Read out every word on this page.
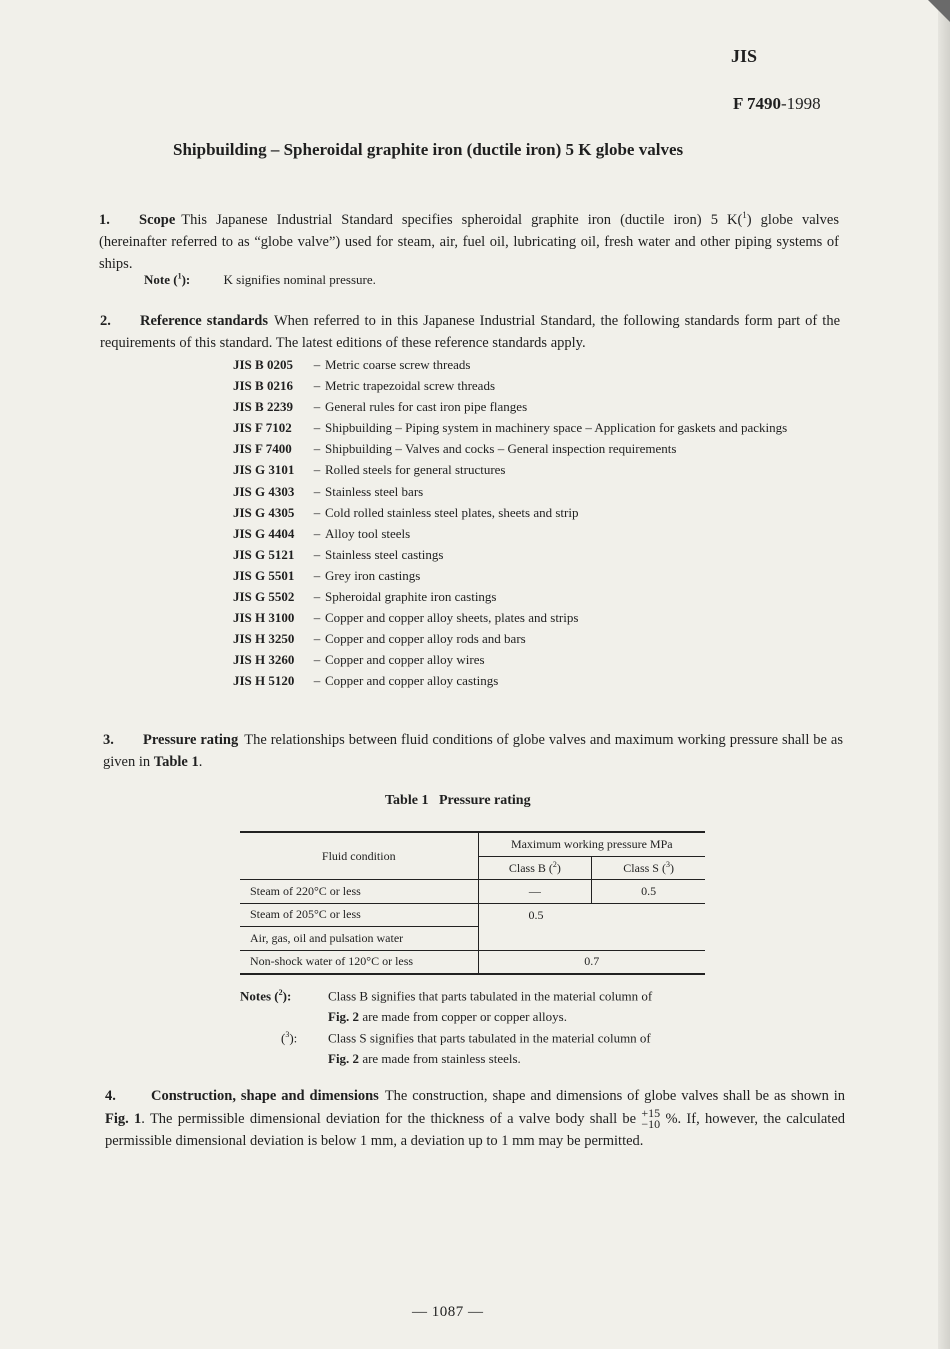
JIS
F 7490-1998
Shipbuilding – Spheroidal graphite iron (ductile iron) 5 K globe valves
1. Scope This Japanese Industrial Standard specifies spheroidal graphite iron (ductile iron) 5 K($^1$) globe valves (hereinafter referred to as “globe valve”) used for steam, air, fuel oil, lubricating oil, fresh water and other piping systems of ships.
Note ($^1$):	K signifies nominal pressure.
2. Reference standards When referred to in this Japanese Industrial Standard, the following standards form part of the requirements of this standard. The latest editions of these reference standards apply.
JIS B 0205	– Metric coarse screw threads
JIS B 0216	– Metric trapezoidal screw threads
JIS B 2239	– General rules for cast iron pipe flanges
JIS F 7102	– Shipbuilding – Piping system in machinery space – Application for gaskets and packings
JIS F 7400	– Shipbuilding – Valves and cocks – General inspection requirements
JIS G 3101	– Rolled steels for general structures
JIS G 4303	– Stainless steel bars
JIS G 4305	– Cold rolled stainless steel plates, sheets and strip
JIS G 4404	– Alloy tool steels
JIS G 5121	– Stainless steel castings
JIS G 5501	– Grey iron castings
JIS G 5502	– Spheroidal graphite iron castings
JIS H 3100	– Copper and copper alloy sheets, plates and strips
JIS H 3250	– Copper and copper alloy rods and bars
JIS H 3260	– Copper and copper alloy wires
JIS H 5120	– Copper and copper alloy castings
3. Pressure rating The relationships between fluid conditions of globe valves and maximum working pressure shall be as given in Table 1.
Table 1   Pressure rating
Fluid condition	Maximum working pressure MPa	
	Class B ($^2$)	Class S ($^3$)
Steam of 220°C or less	—	0.5
Steam of 205°C or less	0.5	

Air, gas, oil and pulsation water		
Non-shock water of 120°C or less	0.7	
Notes ($^2$):	Class B signifies that parts tabulated in the material column of
Fig. 2 are made from copper or copper alloys.
($^3$): Class S signifies that parts tabulated in the material column of
Fig. 2 are made from stainless steels.
4. Construction, shape and dimensions The construction, shape and dimensions of globe valves shall be as shown in Fig. 1. The permissible dimensional deviation for the thickness of a valve body shall be +15
−10 %. If, however, the calculated permissible dimensional deviation is below 1 mm, a deviation up to 1 mm may be permitted.
— 1087 —
